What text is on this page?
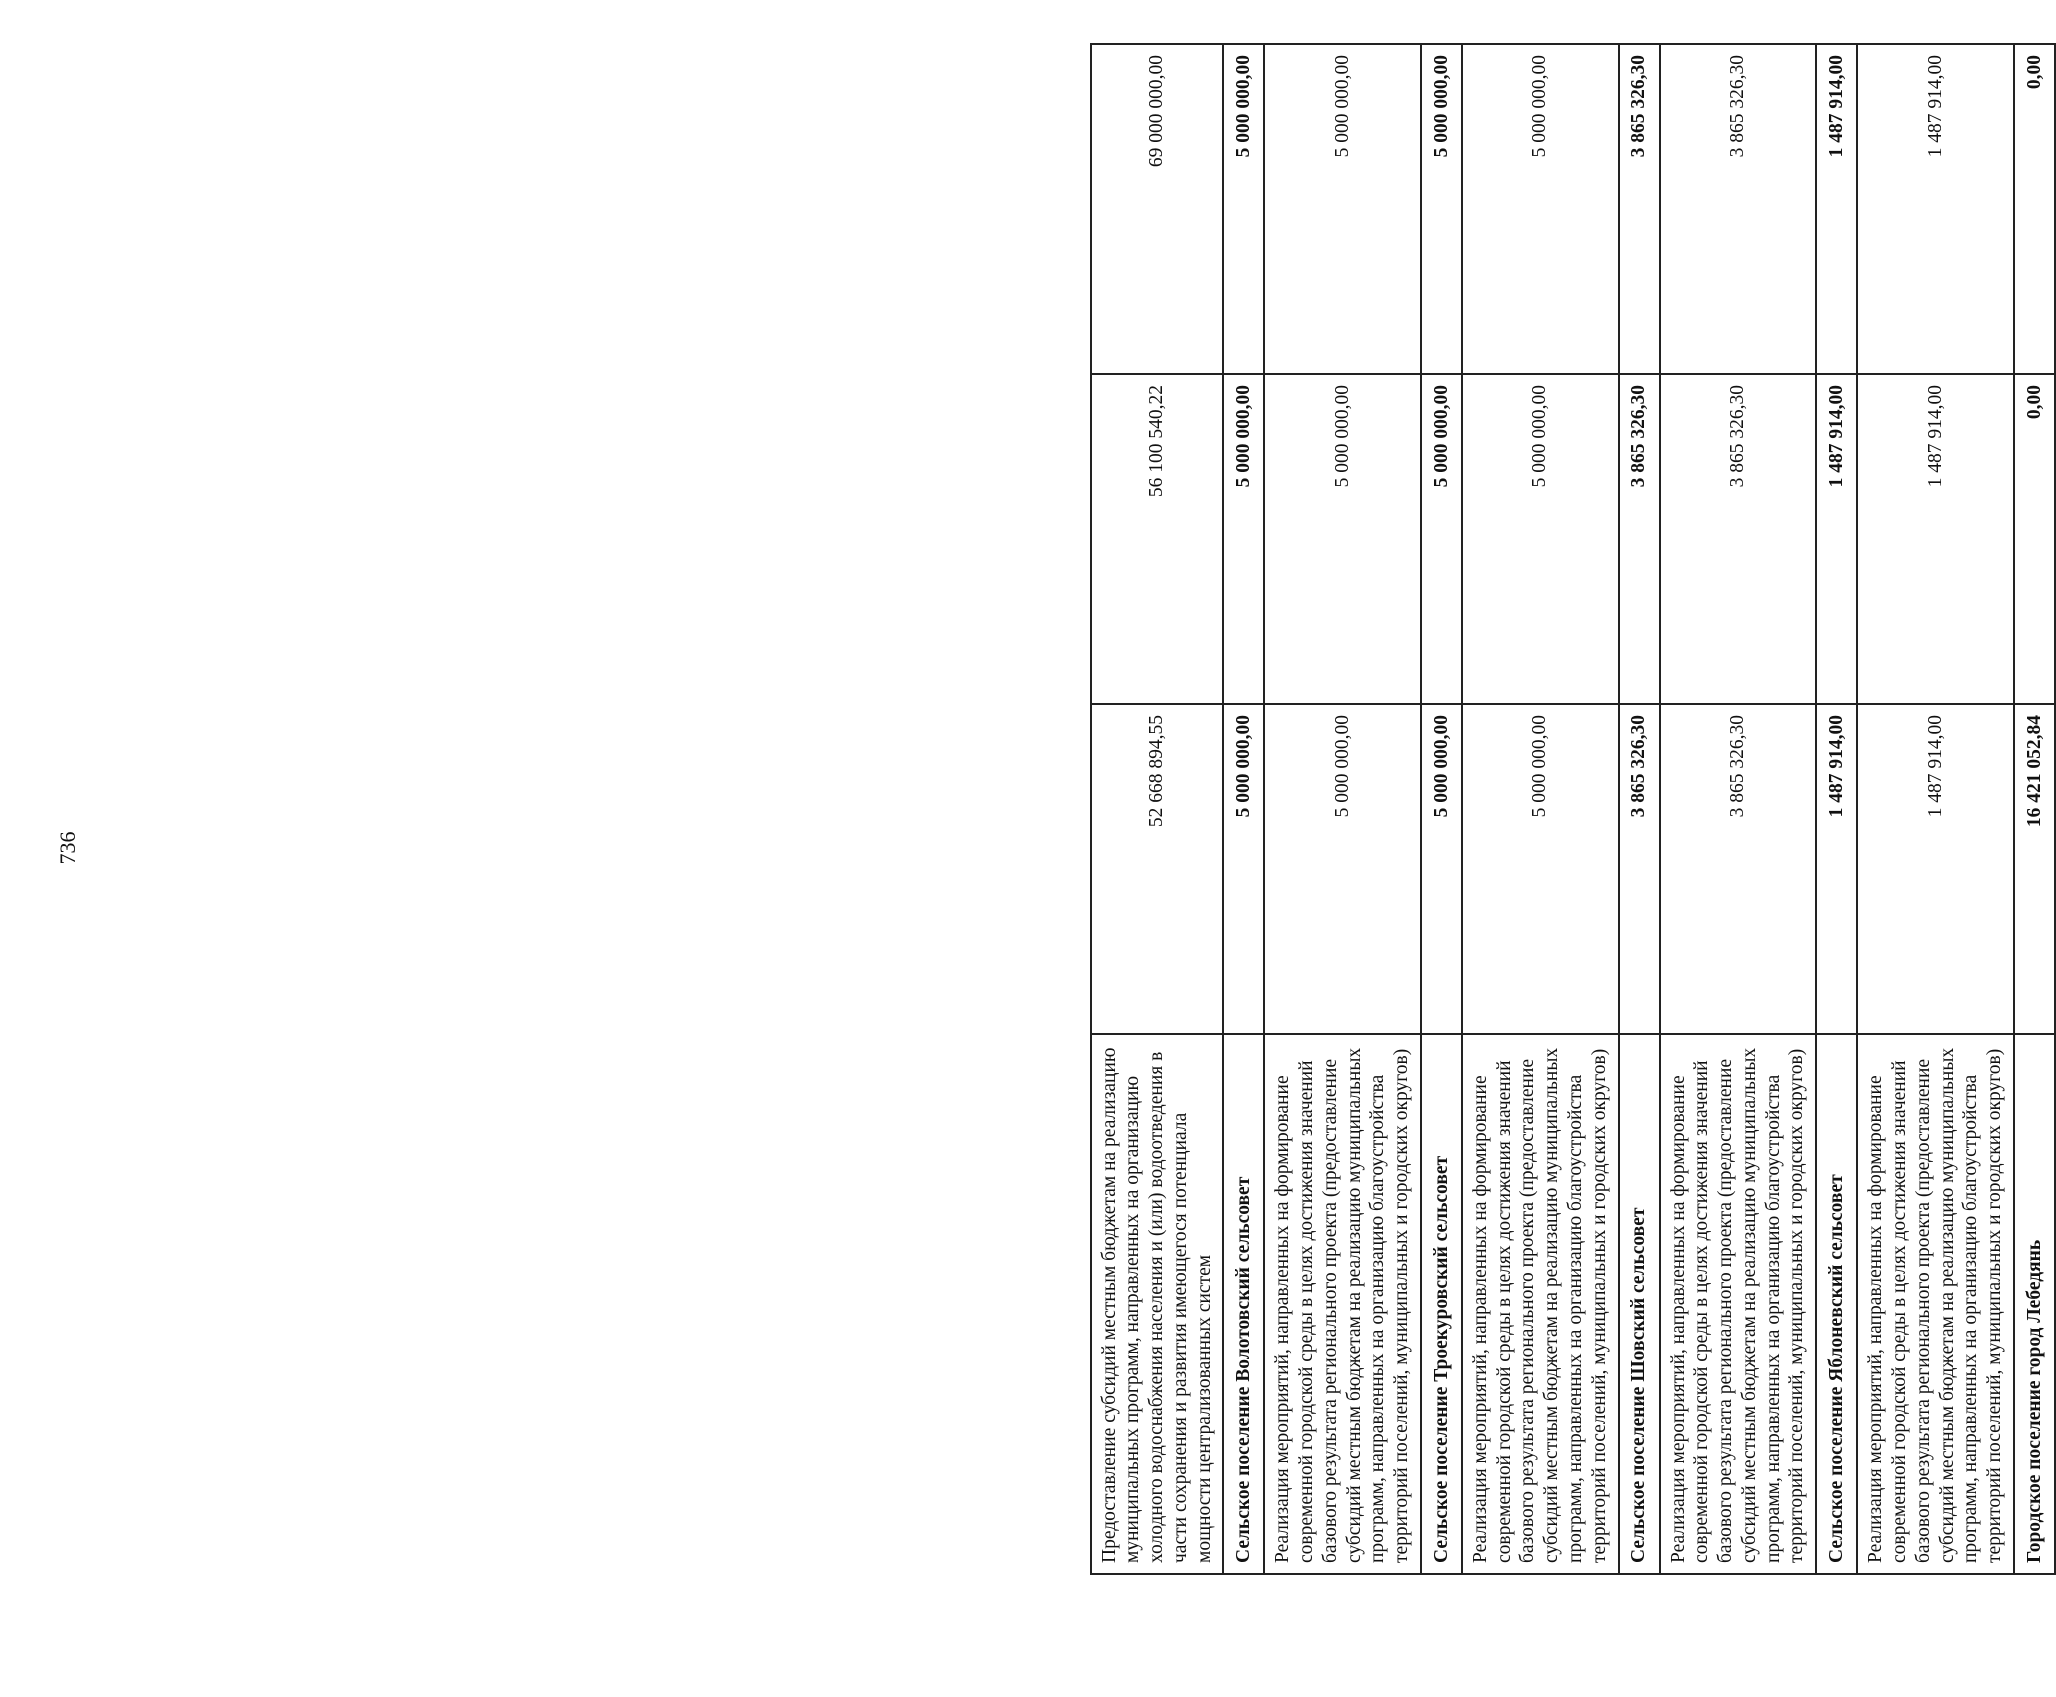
736
Предоставление субсидий местным бюджетам на реализацию муниципальных программ, направленных на организацию холодного водоснабжения населения и (или) водоотведения в части сохранения и развития имеющегося потенциала мощности централизованных систем	52 668 894,55	56 100 540,22	69 000 000,00
Сельское поселение Волотовский сельсовет	5 000 000,00	5 000 000,00	5 000 000,00
Реализация мероприятий, направленных на формирование современной городской среды в целях достижения значений базового результата регионального проекта (предоставление субсидий местным бюджетам на реализацию муниципальных программ, направленных на организацию благоустройства территорий поселений, муниципальных и городских округов)	5 000 000,00	5 000 000,00	5 000 000,00
Сельское поселение Троекуровский сельсовет	5 000 000,00	5 000 000,00	5 000 000,00
Реализация мероприятий, направленных на формирование современной городской среды в целях достижения значений базового результата регионального проекта (предоставление субсидий местным бюджетам на реализацию муниципальных программ, направленных на организацию благоустройства территорий поселений, муниципальных и городских округов)	5 000 000,00	5 000 000,00	5 000 000,00
Сельское поселение Шовский сельсовет	3 865 326,30	3 865 326,30	3 865 326,30
Реализация мероприятий, направленных на формирование современной городской среды в целях достижения значений базового результата регионального проекта (предоставление субсидий местным бюджетам на реализацию муниципальных программ, направленных на организацию благоустройства территорий поселений, муниципальных и городских округов)	3 865 326,30	3 865 326,30	3 865 326,30
Сельское поселение Яблоневский сельсовет	1 487 914,00	1 487 914,00	1 487 914,00
Реализация мероприятий, направленных на формирование современной городской среды в целях достижения значений базового результата регионального проекта (предоставление субсидий местным бюджетам на реализацию муниципальных программ, направленных на организацию благоустройства территорий поселений, муниципальных и городских округов)	1 487 914,00	1 487 914,00	1 487 914,00
Городское поселение город Лебедянь	16 421 052,84	0,00	0,00
